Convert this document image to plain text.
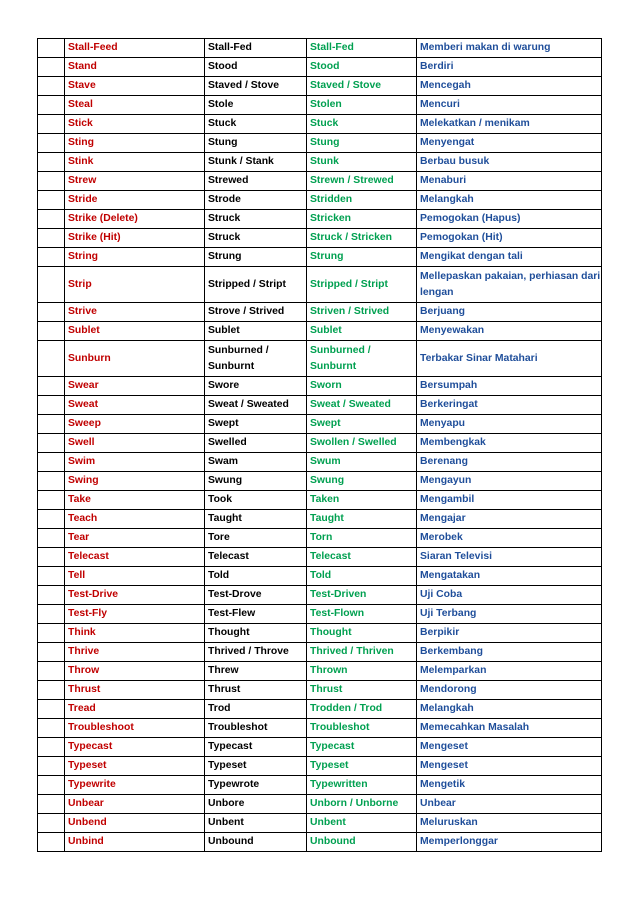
	Stall-Feed	Stall-Fed	Stall-Fed	Memberi makan di warung
	Stand	Stood	Stood	Berdiri
	Stave	Staved / Stove	Staved / Stove	Mencegah
	Steal	Stole	Stolen	Mencuri
	Stick	Stuck	Stuck	Melekatkan / menikam
	Sting	Stung	Stung	Menyengat
	Stink	Stunk / Stank	Stunk	Berbau busuk
	Strew	Strewed	Strewn / Strewed	Menaburi
	Stride	Strode	Stridden	Melangkah
	Strike (Delete)	Struck	Stricken	Pemogokan (Hapus)
	Strike (Hit)	Struck	Struck / Stricken	Pemogokan (Hit)
	String	Strung	Strung	Mengikat dengan tali
	Strip	Stripped / Stript	Stripped / Stript	Mellepaskan pakaian, perhiasan dari lengan
	Strive	Strove / Strived	Striven / Strived	Berjuang
	Sublet	Sublet	Sublet	Menyewakan
	Sunburn	Sunburned / Sunburnt	Sunburned / Sunburnt	Terbakar Sinar Matahari
	Swear	Swore	Sworn	Bersumpah
	Sweat	Sweat / Sweated	Sweat / Sweated	Berkeringat
	Sweep	Swept	Swept	Menyapu
	Swell	Swelled	Swollen / Swelled	Membengkak
	Swim	Swam	Swum	Berenang
	Swing	Swung	Swung	Mengayun
	Take	Took	Taken	Mengambil
	Teach	Taught	Taught	Mengajar
	Tear	Tore	Torn	Merobek
	Telecast	Telecast	Telecast	Siaran Televisi
	Tell	Told	Told	Mengatakan
	Test-Drive	Test-Drove	Test-Driven	Uji Coba
	Test-Fly	Test-Flew	Test-Flown	Uji Terbang
	Think	Thought	Thought	Berpikir
	Thrive	Thrived / Throve	Thrived / Thriven	Berkembang
	Throw	Threw	Thrown	Melemparkan
	Thrust	Thrust	Thrust	Mendorong
	Tread	Trod	Trodden / Trod	Melangkah
	Troubleshoot	Troubleshot	Troubleshot	Memecahkan Masalah
	Typecast	Typecast	Typecast	Mengeset
	Typeset	Typeset	Typeset	Mengeset
	Typewrite	Typewrote	Typewritten	Mengetik
	Unbear	Unbore	Unborn / Unborne	Unbear
	Unbend	Unbent	Unbent	Meluruskan
	Unbind	Unbound	Unbound	Memperlonggar
